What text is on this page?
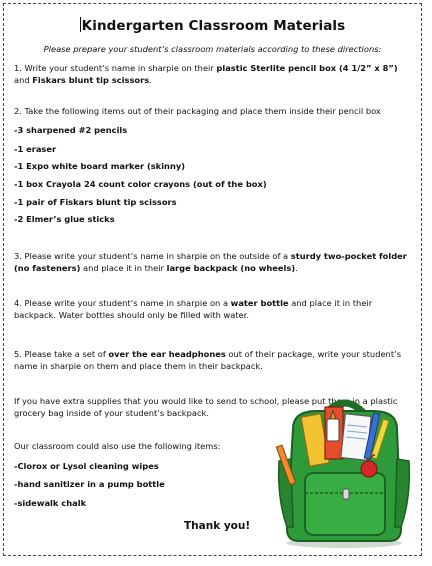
Kindergarten Classroom Materials
Please prepare your student’s classroom materials according to these directions:
1. Write your student’s name in sharpie on their plastic Sterlite pencil box (4 1/2” x 8”) and Fiskars blunt tip scissors.
2. Take the following items out of their packaging and place them inside their pencil box
-3 sharpened #2 pencils
-1 eraser
-1 Expo white board marker (skinny)
-1 box Crayola 24 count color crayons (out of the box)
-1 pair of Fiskars blunt tip scissors
-2 Elmer’s glue sticks
3. Please write your student’s name in sharpie on the outside of a sturdy two-pocket folder (no fasteners) and place it in their large backpack (no wheels).
4. Please write your student’s name in sharpie on a water bottle and place it in their backpack. Water bottles should only be filled with water.
5. Please take a set of over the ear headphones out of their package, write your student’s name in sharpie on them and place them in their backpack.
If you have extra supplies that you would like to send to school, please put them in a plastic grocery bag inside of your student’s backpack.
Our classroom could also use the following items:
-Clorox or Lysol cleaning wipes
-hand sanitizer in a pump bottle
-sidewalk chalk
Thank you!
